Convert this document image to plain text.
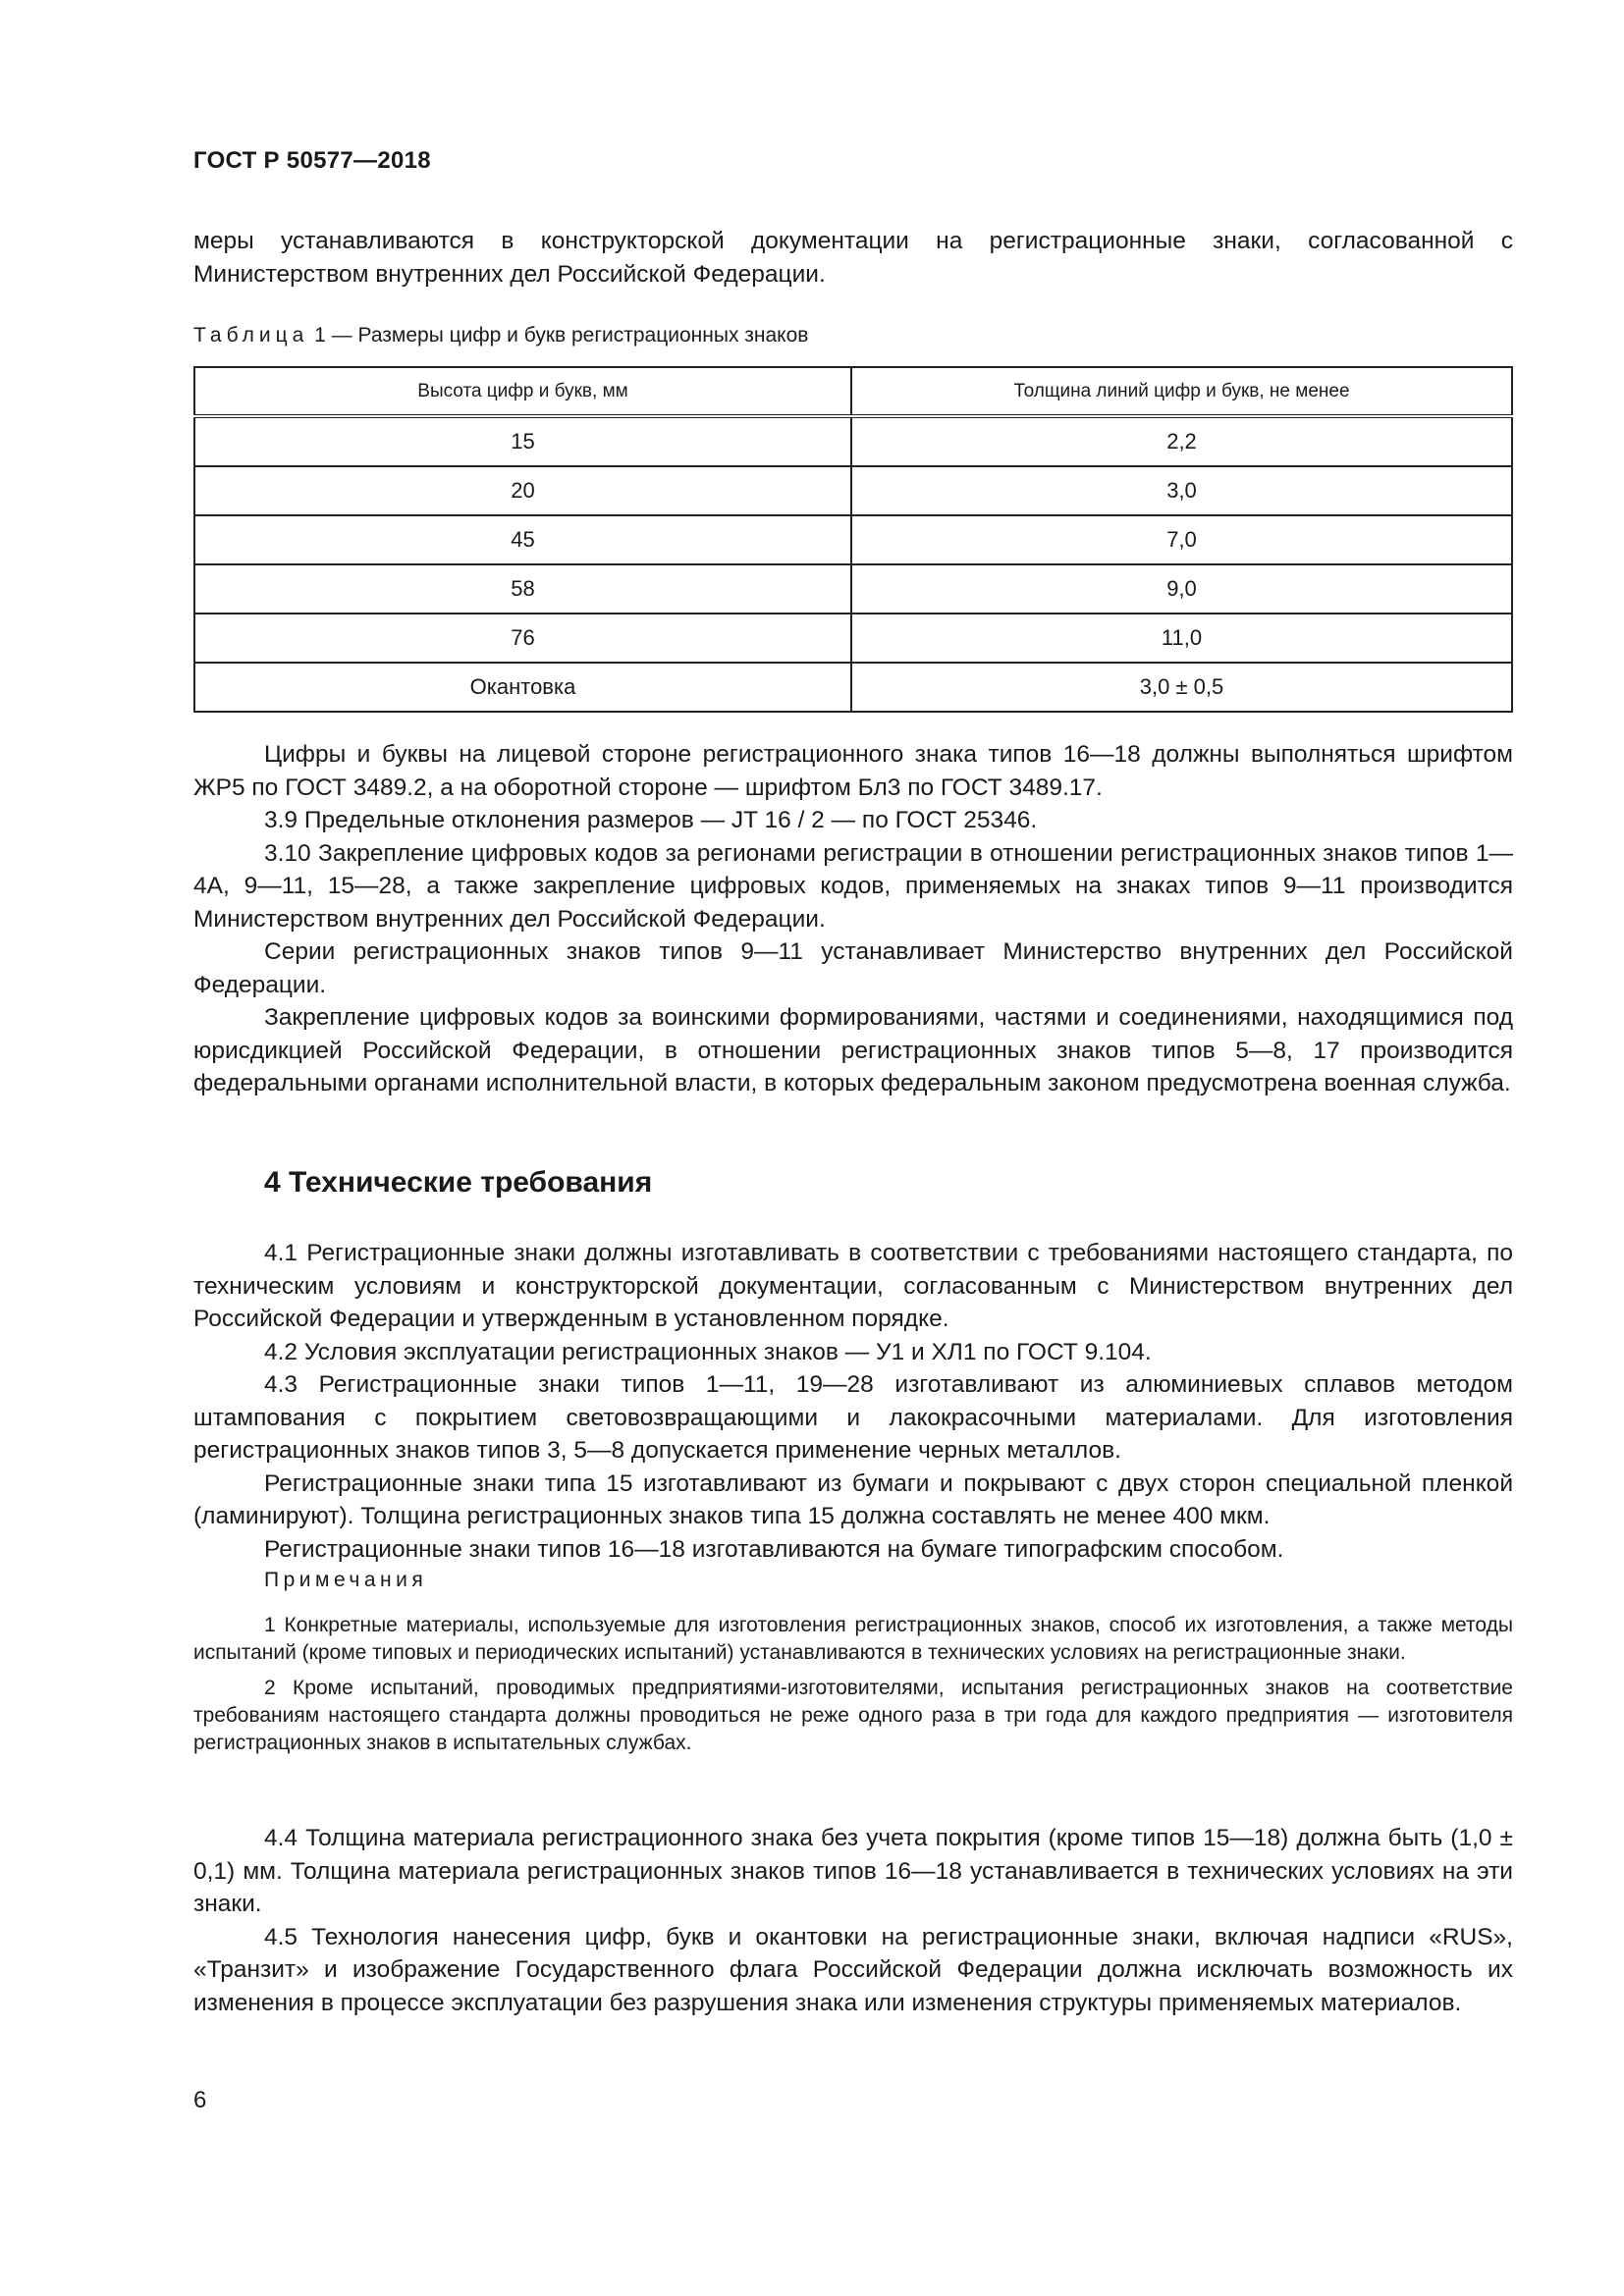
ГОСТ Р 50577—2018

меры устанавливаются в конструкторской документации на регистрационные знаки, согласованной с Министерством внутренних дел Российской Федерации.

Таблица 1 — Размеры цифр и букв регистрационных знаков
Высота цифр и букв, мм	Толщина линий цифр и букв, не менее
15	2,2
20	3,0
45	7,0
58	9,0
76	11,0
Окантовка	3,0 ± 0,5

Цифры и буквы на лицевой стороне регистрационного знака типов 16—18 должны выполняться шрифтом ЖР5 по ГОСТ 3489.2, а на оборотной стороне — шрифтом Бл3 по ГОСТ 3489.17.

3.9 Предельные отклонения размеров — JT 16 / 2 — по ГОСТ 25346.

3.10 Закрепление цифровых кодов за регионами регистрации в отношении регистрационных знаков типов 1—4А, 9—11, 15—28, а также закрепление цифровых кодов, применяемых на знаках типов 9—11 производится Министерством внутренних дел Российской Федерации.

Серии регистрационных знаков типов 9—11 устанавливает Министерство внутренних дел Российской Федерации.

Закрепление цифровых кодов за воинскими формированиями, частями и соединениями, находящимися под юрисдикцией Российской Федерации, в отношении регистрационных знаков типов 5—8, 17 производится федеральными органами исполнительной власти, в которых федеральным законом предусмотрена военная служба.

4 Технические требования

4.1 Регистрационные знаки должны изготавливать в соответствии с требованиями настоящего стандарта, по техническим условиям и конструкторской документации, согласованным с Министерством внутренних дел Российской Федерации и утвержденным в установленном порядке.

4.2 Условия эксплуатации регистрационных знаков — У1 и ХЛ1 по ГОСТ 9.104.

4.3 Регистрационные знаки типов 1—11, 19—28 изготавливают из алюминиевых сплавов методом штампования с покрытием световозвращающими и лакокрасочными материалами. Для изготовления регистрационных знаков типов 3, 5—8 допускается применение черных металлов.

Регистрационные знаки типа 15 изготавливают из бумаги и покрывают с двух сторон специальной пленкой (ламинируют). Толщина регистрационных знаков типа 15 должна составлять не менее 400 мкм.

Регистрационные знаки типов 16—18 изготавливаются на бумаге типографским способом.

Примечания

1 Конкретные материалы, используемые для изготовления регистрационных знаков, способ их изготовления, а также методы испытаний (кроме типовых и периодических испытаний) устанавливаются в технических условиях на регистрационные знаки.

2 Кроме испытаний, проводимых предприятиями-изготовителями, испытания регистрационных знаков на соответствие требованиям настоящего стандарта должны проводиться не реже одного раза в три года для каждого предприятия — изготовителя регистрационных знаков в испытательных службах.

4.4 Толщина материала регистрационного знака без учета покрытия (кроме типов 15—18) должна быть (1,0 ± 0,1) мм. Толщина материала регистрационных знаков типов 16—18 устанавливается в технических условиях на эти знаки.

4.5 Технология нанесения цифр, букв и окантовки на регистрационные знаки, включая надписи «RUS», «Транзит» и изображение Государственного флага Российской Федерации должна исключать возможность их изменения в процессе эксплуатации без разрушения знака или изменения структуры применяемых материалов.

6
